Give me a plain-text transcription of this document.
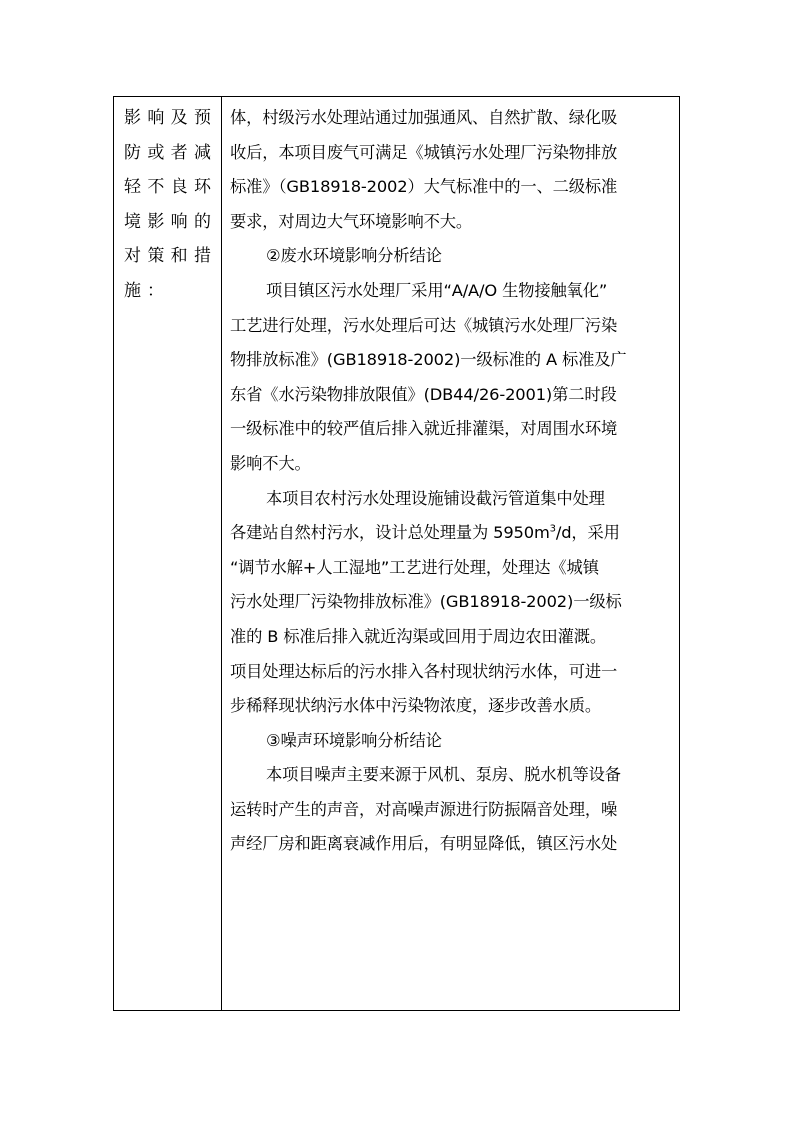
影响及预
防或者减
轻不良环
境影响的
对策和措
施：

体，村级污水处理站通过加强通风、自然扩散、绿化吸
收后，本项目废气可满足《城镇污水处理厂污染物排放
标准》（GB18918-2002）大气标准中的一、二级标准
要求，对周边大气环境影响不大。
②废水环境影响分析结论
项目镇区污水处理厂采用“A/A/O 生物接触氧化”
工艺进行处理，污水处理后可达《城镇污水处理厂污染
物排放标准》(GB18918-2002)一级标准的 A 标准及广
东省《水污染物排放限值》(DB44/26-2001)第二时段
一级标准中的较严值后排入就近排灌渠，对周围水环境
影响不大。
本项目农村污水处理设施铺设截污管道集中处理
各建站自然村污水，设计总处理量为 $5950m^3/d$，采用
“调节水解+人工湿地”工艺进行处理，处理达《城镇
污水处理厂污染物排放标准》(GB18918-2002)一级标
准的 B 标准后排入就近沟渠或回用于周边农田灌溉。
项目处理达标后的污水排入各村现状纳污水体，可进一
步稀释现状纳污水体中污染物浓度，逐步改善水质。
③噪声环境影响分析结论
本项目噪声主要来源于风机、泵房、脱水机等设备
运转时产生的声音，对高噪声源进行防振隔音处理，噪
声经厂房和距离衰减作用后，有明显降低，镇区污水处
